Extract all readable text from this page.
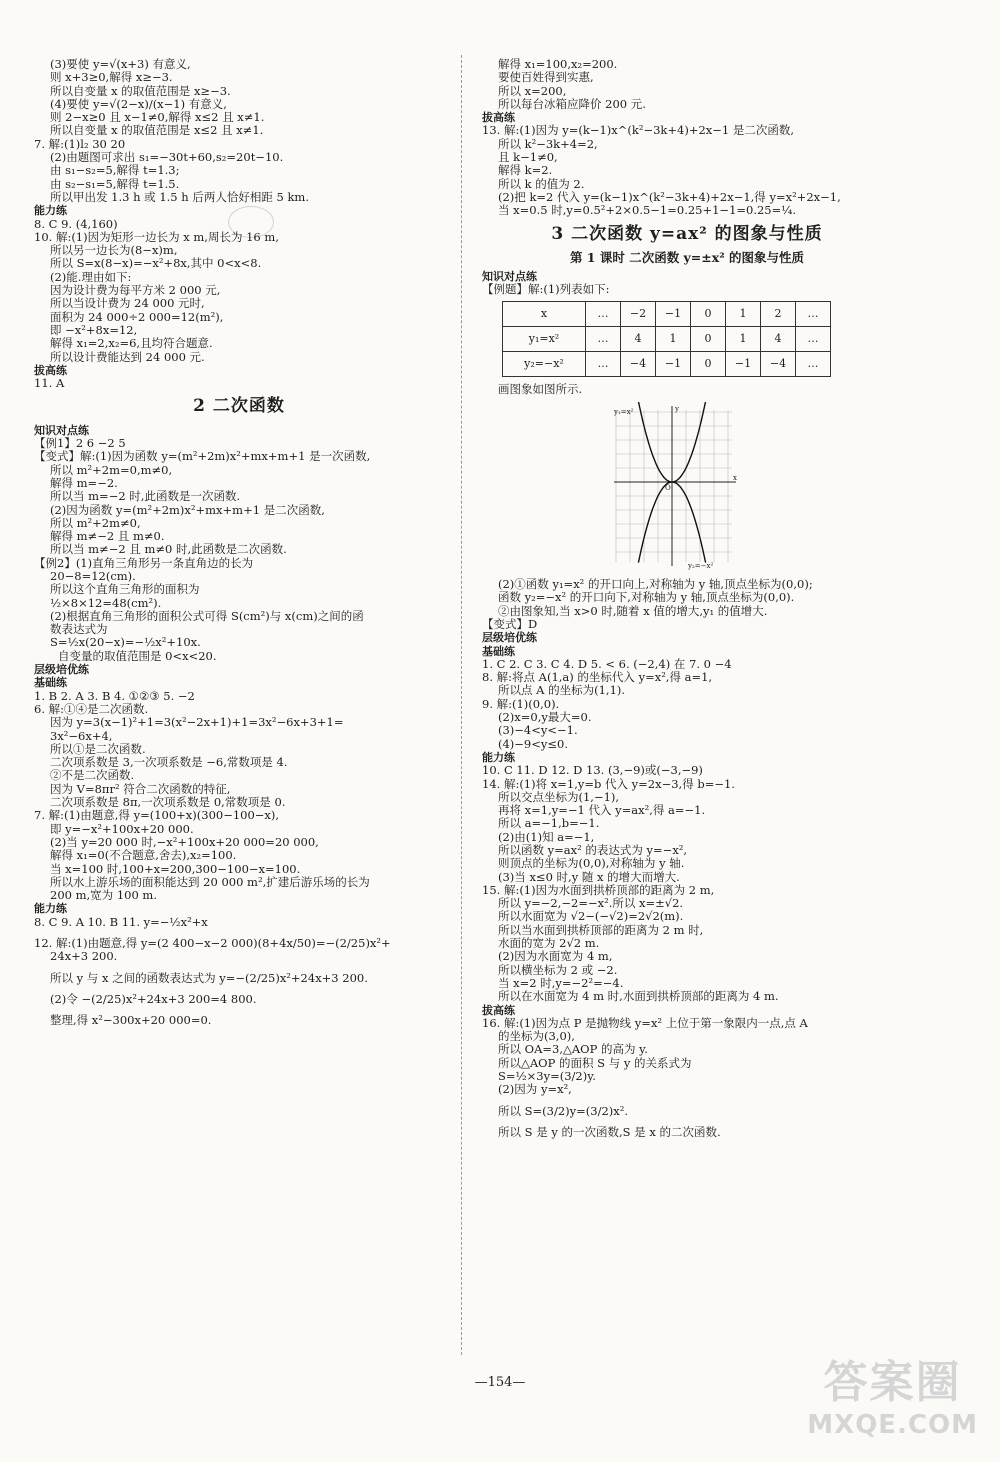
(3)要使 y=√(x+3) 有意义,
则 x+3≥0,解得 x≥−3.
所以自变量 x 的取值范围是 x≥−3.
(4)要使 y=√(2−x)/(x−1) 有意义,
则 2−x≥0 且 x−1≠0,解得 x≤2 且 x≠1.
所以自变量 x 的取值范围是 x≤2 且 x≠1.
7. 解:(1)l₂ 30 20
(2)由题图可求出 s₁=−30t+60,s₂=20t−10.
由 s₁−s₂=5,解得 t=1.3;
由 s₂−s₁=5,解得 t=1.5.
所以甲出发 1.3 h 或 1.5 h 后两人恰好相距 5 km.
能力练
8. C 9. (4,160)
10. 解:(1)因为矩形一边长为 x m,周长为 16 m,
所以另一边长为(8−x)m,
所以 S=x(8−x)=−x²+8x,其中 0<x<8.
(2)能.理由如下:
因为设计费为每平方米 2 000 元,
所以当设计费为 24 000 元时,
面积为 24 000÷2 000=12(m²),
即 −x²+8x=12,
解得 x₁=2,x₂=6,且均符合题意.
所以设计费能达到 24 000 元.
拔高练
11. A
2 二次函数
知识对点练
【例1】2 6 −2 5
【变式】解:(1)因为函数 y=(m²+2m)x²+mx+m+1 是一次函数,
所以 m²+2m=0,m≠0,
解得 m=−2.
所以当 m=−2 时,此函数是一次函数.
(2)因为函数 y=(m²+2m)x²+mx+m+1 是二次函数,
所以 m²+2m≠0,
解得 m≠−2 且 m≠0.
所以当 m≠−2 且 m≠0 时,此函数是二次函数.
【例2】(1)直角三角形另一条直角边的长为
20−8=12(cm).
所以这个直角三角形的面积为
½×8×12=48(cm²).
(2)根据直角三角形的面积公式可得 S(cm²)与 x(cm)之间的函
数表达式为
S=½x(20−x)=−½x²+10x.
自变量的取值范围是 0<x<20.
层级培优练
基础练
1. B 2. A 3. B 4. ①②③ 5. −2
6. 解:①④是二次函数.
因为 y=3(x−1)²+1=3(x²−2x+1)+1=3x²−6x+3+1=
3x²−6x+4,
所以①是二次函数.
二次项系数是 3,一次项系数是 −6,常数项是 4.
②不是二次函数.
因为 V=8πr² 符合二次函数的特征,
二次项系数是 8π,一次项系数是 0,常数项是 0.
7. 解:(1)由题意,得 y=(100+x)(300−100−x),
即 y=−x²+100x+20 000.
(2)当 y=20 000 时,−x²+100x+20 000=20 000,
解得 x₁=0(不合题意,舍去),x₂=100.
当 x=100 时,100+x=200,300−100−x=100.
所以水上游乐场的面积能达到 20 000 m²,扩建后游乐场的长为
200 m,宽为 100 m.
能力练
8. C 9. A 10. B 11. y=−½x²+x
12. 解:(1)由题意,得 y=(2 400−x−2 000)(8+4x/50)=−(2/25)x²+
24x+3 200.
所以 y 与 x 之间的函数表达式为 y=−(2/25)x²+24x+3 200.
(2)令 −(2/25)x²+24x+3 200=4 800.
整理,得 x²−300x+20 000=0.
解得 x₁=100,x₂=200.
要使百姓得到实惠,
所以 x=200,
所以每台冰箱应降价 200 元.
拔高练
13. 解:(1)因为 y=(k−1)x^(k²−3k+4)+2x−1 是二次函数,
所以 k²−3k+4=2,
且 k−1≠0,
解得 k=2.
所以 k 的值为 2.
(2)把 k=2 代入 y=(k−1)x^(k²−3k+4)+2x−1,得 y=x²+2x−1,
当 x=0.5 时,y=0.5²+2×0.5−1=0.25+1−1=0.25=¼.
3 二次函数 y=ax² 的图象与性质
第 1 课时 二次函数 y=±x² 的图象与性质
知识对点练
【例题】解:(1)列表如下:
x	…	−2	−1	0	1	2	…
y₁=x²	…	4	1	0	1	4	…
y₂=−x²	…	−4	−1	0	−1	−4	…
画图象如图所示.
y₁=x²
y₂=−x²
x
y
O
(2)①函数 y₁=x² 的开口向上,对称轴为 y 轴,顶点坐标为(0,0);
函数 y₂=−x² 的开口向下,对称轴为 y 轴,顶点坐标为(0,0).
②由图象知,当 x>0 时,随着 x 值的增大,y₁ 的值增大.
【变式】D
层级培优练
基础练
1. C 2. C 3. C 4. D 5. < 6. (−2,4) 在 7. 0 −4
8. 解:将点 A(1,a) 的坐标代入 y=x²,得 a=1,
所以点 A 的坐标为(1,1).
9. 解:(1)(0,0).
(2)x=0,y最大=0.
(3)−4<y<−1.
(4)−9<y≤0.
能力练
10. C 11. D 12. D 13. (3,−9)或(−3,−9)
14. 解:(1)将 x=1,y=b 代入 y=2x−3,得 b=−1.
所以交点坐标为(1,−1),
再将 x=1,y=−1 代入 y=ax²,得 a=−1.
所以 a=−1,b=−1.
(2)由(1)知 a=−1,
所以函数 y=ax² 的表达式为 y=−x²,
则顶点的坐标为(0,0),对称轴为 y 轴.
(3)当 x≤0 时,y 随 x 的增大而增大.
15. 解:(1)因为水面到拱桥顶部的距离为 2 m,
所以 y=−2,−2=−x².所以 x=±√2.
所以水面宽为 √2−(−√2)=2√2(m).
所以当水面到拱桥顶部的距离为 2 m 时,
水面的宽为 2√2 m.
(2)因为水面宽为 4 m,
所以横坐标为 2 或 −2.
当 x=2 时,y=−2²=−4.
所以在水面宽为 4 m 时,水面到拱桥顶部的距离为 4 m.
拔高练
16. 解:(1)因为点 P 是抛物线 y=x² 上位于第一象限内一点,点 A
的坐标为(3,0),
所以 OA=3,△AOP 的高为 y.
所以△AOP 的面积 S 与 y 的关系式为
S=½×3y=(3/2)y.
(2)因为 y=x²,
所以 S=(3/2)y=(3/2)x².
所以 S 是 y 的一次函数,S 是 x 的二次函数.
—154—	答案圈
MXQE.COM
